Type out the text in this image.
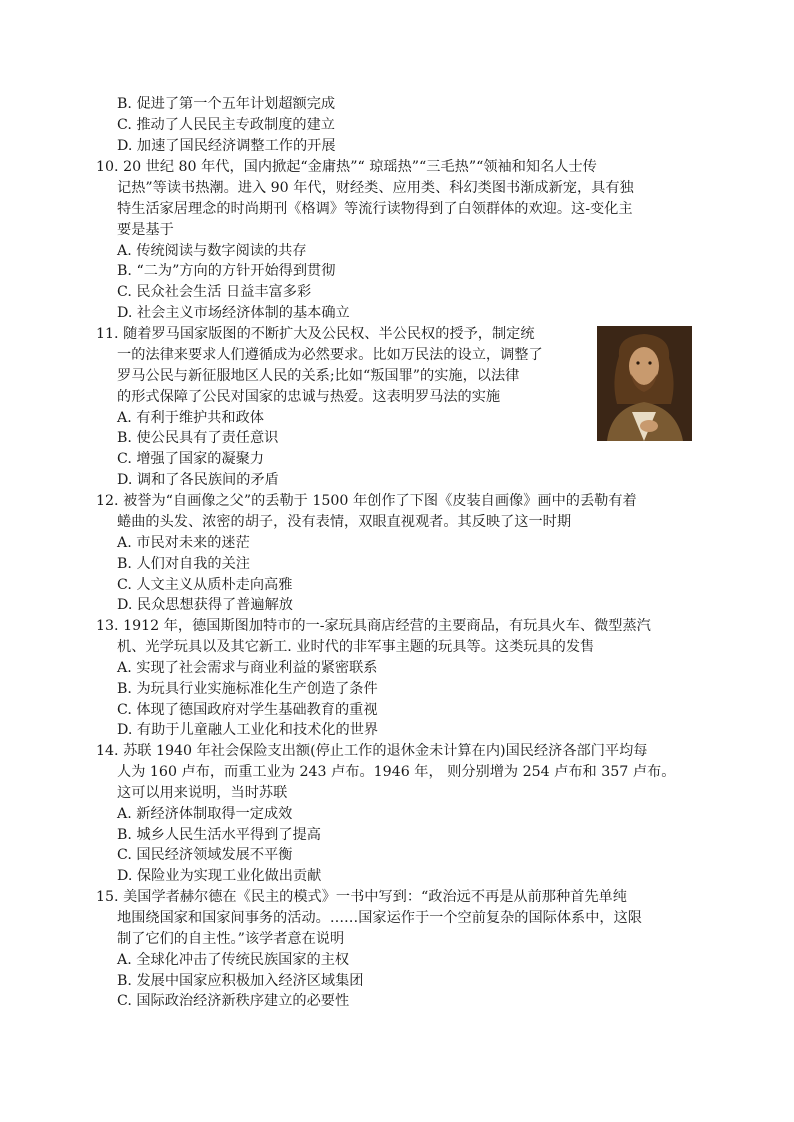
B. 促进了第一个五年计划超额完成
C. 推动了人民民主专政制度的建立
D. 加速了国民经济调整工作的开展
10. 20 世纪 80 年代，国内掀起“金庸热”“ 琼瑶热”“三毛热”“领袖和知名人士传
记热”等读书热潮。进入 90 年代，财经类、应用类、科幻类图书渐成新宠，具有独
特生活家居理念的时尚期刊《格调》等流行读物得到了白领群体的欢迎。这-变化主
要是基于
A. 传统阅读与数字阅读的共存
B. “二为”方向的方针开始得到贯彻
C. 民众社会生活 日益丰富多彩
D. 社会主义市场经济体制的基本确立
11. 随着罗马国家版图的不断扩大及公民权、半公民权的授予，制定统
一的法律来要求人们遵循成为必然要求。比如万民法的设立，调整了
罗马公民与新征服地区人民的关系;比如“叛国罪”的实施，以法律
的形式保障了公民对国家的忠诚与热爱。这表明罗马法的实施
A. 有利于维护共和政体
B. 使公民具有了责任意识
C. 增强了国家的凝聚力
D. 调和了各民族间的矛盾
12. 被誉为“自画像之父”的丢勒于 1500 年创作了下图《皮装自画像》画中的丢勒有着
蜷曲的头发、浓密的胡子，没有表情，双眼直视观者。其反映了这一时期
A. 市民对未来的迷茫
B. 人们对自我的关注
C. 人文主义从质朴走向高雅
D. 民众思想获得了普遍解放
13. 1912 年，德国斯图加特市的一-家玩具商店经营的主要商品，有玩具火车、微型蒸汽
机、光学玩具以及其它新工. 业时代的非军事主题的玩具等。这类玩具的发售
A. 实现了社会需求与商业利益的紧密联系
B. 为玩具行业实施标准化生产创造了条件
C. 体现了德国政府对学生基础教育的重视
D. 有助于儿童融人工业化和技术化的世界
14. 苏联 1940 年社会保险支出额(停止工作的退休金未计算在内)国民经济各部门平均每
人为 160 卢布，而重工业为 243 卢布。1946 年， 则分别增为 254 卢布和 357 卢布。
这可以用来说明，当时苏联
A. 新经济体制取得一定成效
B. 城乡人民生活水平得到了提高
C. 国民经济领域发展不平衡
D. 保险业为实现工业化做出贡献
15. 美国学者赫尔德在《民主的模式》一书中写到：“政治远不再是从前那种首先单纯
地围绕国家和国家间事务的活动。……国家运作于一个空前复杂的国际体系中，这限
制了它们的自主性。”该学者意在说明
A. 全球化冲击了传统民族国家的主权
B. 发展中国家应积极加入经济区域集团
C. 国际政治经济新秩序建立的必要性
